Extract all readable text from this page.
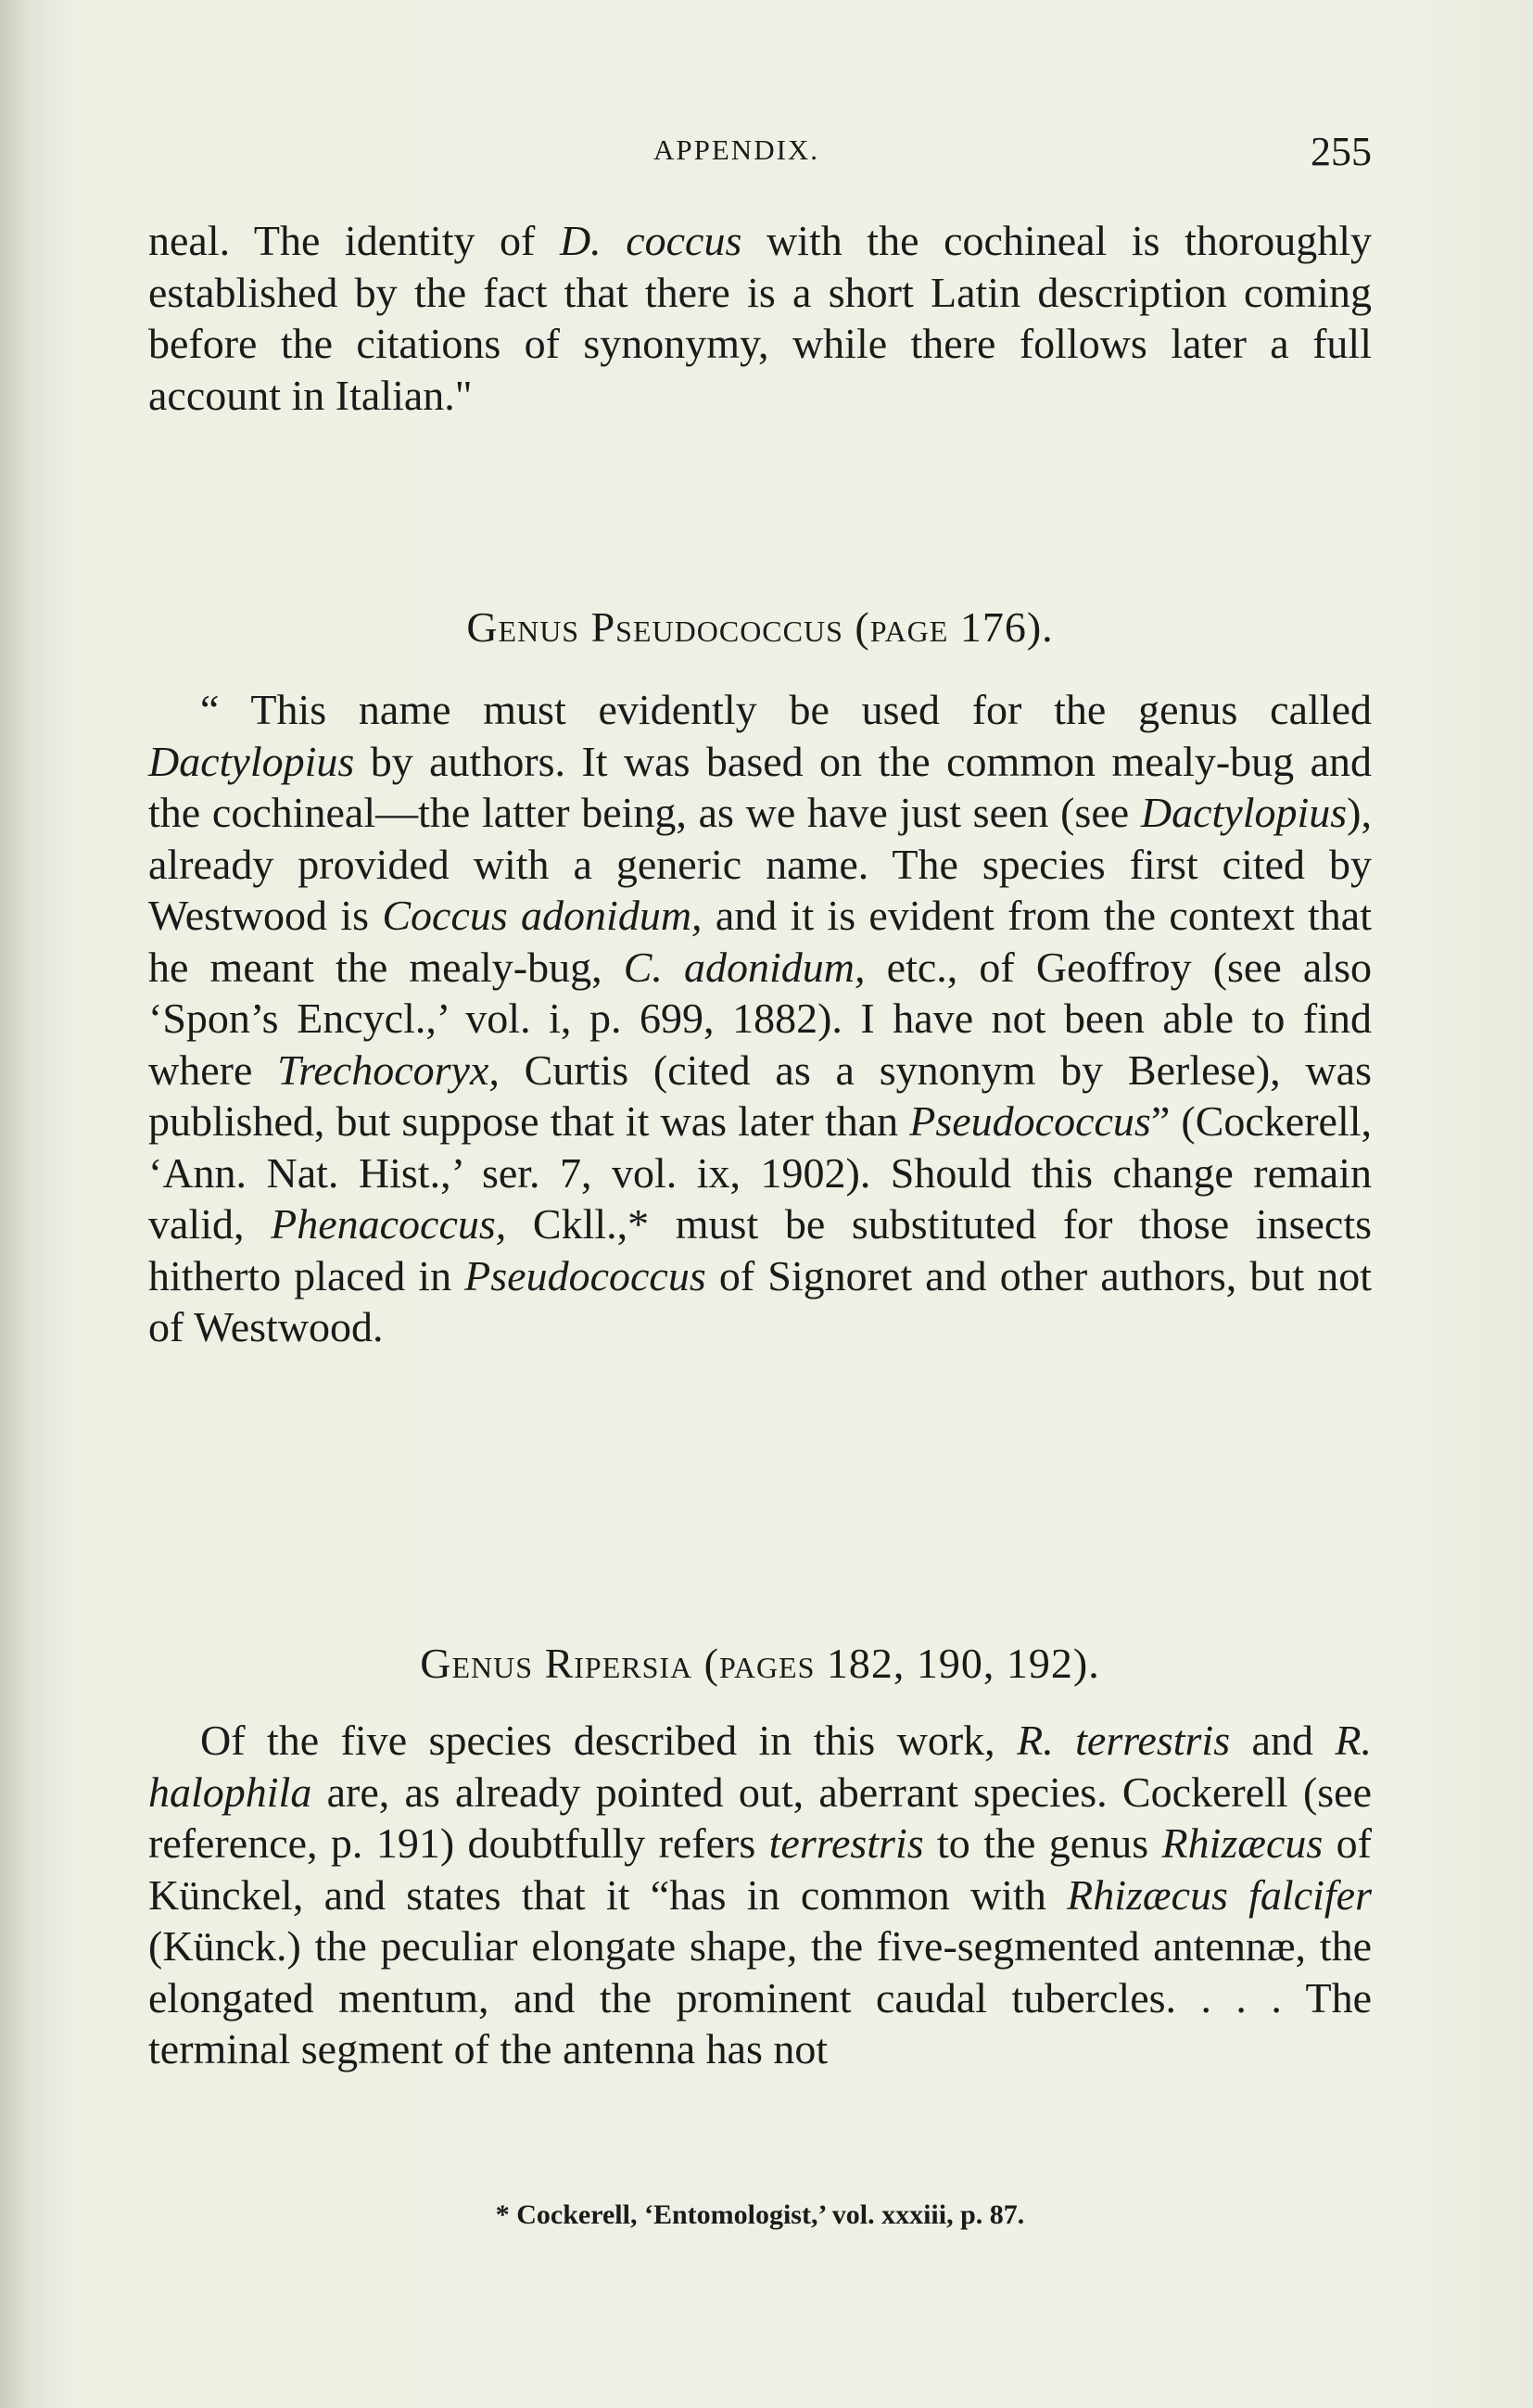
APPENDIX.	255

neal. The identity of D. coccus with the cochineal is thoroughly established by the fact that there is a short Latin description coming before the citations of synonymy, while there follows later a full account in Italian."

Genus Pseudococcus (page 176).

“ This name must evidently be used for the genus called Dactylopius by authors. It was based on the common mealy-bug and the cochineal—the latter being, as we have just seen (see Dactylopius), already provided with a generic name. The species first cited by Westwood is Coccus adonidum, and it is evident from the context that he meant the mealy-bug, C. adonidum, etc., of Geoffroy (see also ‘Spon’s Encycl.,’ vol. i, p. 699, 1882). I have not been able to find where Trechocoryx, Curtis (cited as a synonym by Berlese), was published, but suppose that it was later than Pseudococcus” (Cockerell, ‘Ann. Nat. Hist.,’ ser. 7, vol. ix, 1902). Should this change remain valid, Phenacoccus, Ckll.,* must be substituted for those insects hitherto placed in Pseudococcus of Signoret and other authors, but not of Westwood.

Genus Ripersia (pages 182, 190, 192).

Of the five species described in this work, R. terrestris and R. halophila are, as already pointed out, aberrant species. Cockerell (see reference, p. 191) doubtfully refers terrestris to the genus Rhizæcus of Künckel, and states that it “has in common with Rhizæcus falcifer (Künck.) the peculiar elongate shape, the five-segmented antennæ, the elongated mentum, and the prominent caudal tubercles. . . . The terminal segment of the antenna has not

* Cockerell, ‘Entomologist,’ vol. xxxiii, p. 87.
